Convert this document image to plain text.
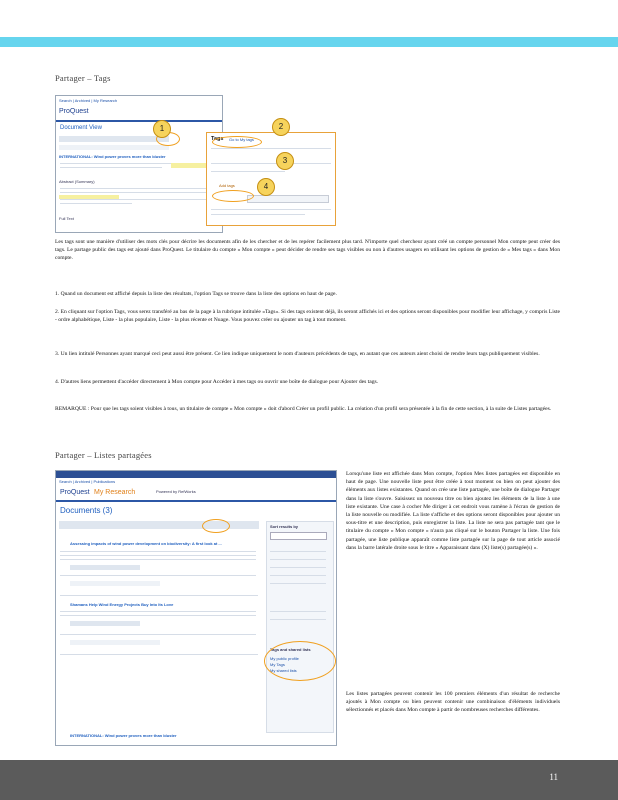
Partager – Tags
Search | Archived | My Research
ProQuest
Document View
INTERNATIONAL: Wind power proves more than bluster
Abstract (Summary)
Full Text
Tags Go to My tags
Add tags
1	2
3
4
Les tags sont une manière d'utiliser des mots clés pour décrire les documents afin de les chercher et de les repérer facilement plus tard. N'importe quel chercheur ayant créé un compte personnel Mon compte peut créer des tags. Le partage public des tags est ajouté dans ProQuest. Le titulaire du compte « Mon compte » peut décider de rendre ses tags visibles ou non à d'autres usagers en utilisant les options de gestion de « Mes tags » dans Mon compte.
1. Quand un document est affiché depuis la liste des résultats, l'option Tags se trouve dans la liste des options en haut de page.
2. En cliquant sur l'option Tags, vous serez transféré au bas de la page à la rubrique intitulée «Tags». Si des tags existent déjà, ils seront affichés ici et des options seront disponibles pour modifier leur affichage, y compris Liste - ordre alphabétique, Liste - la plus populaire, Liste - la plus récente et Nuage. Vous pouvez créer ou ajouter un tag à tout moment.
3. Un lien intitulé Personnes ayant marqué ceci peut aussi être présent. Ce lien indique uniquement le nom d'auteurs précédents de tags, en autant que ces auteurs aient choisi de rendre leurs tags publiquement visibles.
4. D'autres liens permettent d'accéder directement à Mon compte pour Accéder à mes tags ou ouvrir une boîte de dialogue pour Ajouter des tags.
REMARQUE : Pour que les tags soient visibles à tous, un titulaire de compte « Mon compte » doit d'abord Créer un profil public. La création d'un profil sera présentée à la fin de cette section, à la suite de Listes partagées.
Partager – Listes partagées
Search | Archived | Publications
ProQuest My Research	Powered by RefWorks
Documents (3)
Assessing impacts of wind power development on biodiversity: A first look at ...
Shamans Help Wind Energy Projects Buy Into Its Love
INTERNATIONAL: Wind power proves more than bluster
Sort results by
Tags and shared lists
My public profile
My Tags
My shared lists
Lorsqu'une liste est affichée dans Mon compte, l'option Mes listes partagées est disponible en haut de page. Une nouvelle liste peut être créée à tout moment ou bien on peut ajouter des éléments aux listes existantes. Quand on crée une liste partagée, une boîte de dialogue Partager dans la liste s'ouvre. Saisissez un nouveau titre ou bien ajoutez les éléments de la liste à une liste existante. Une case à cocher Me diriger à cet endroit vous ramène à l'écran de gestion de la liste nouvelle ou modifiée. La liste s'affiche et des options seront disponibles pour ajouter un sous-titre et une description, puis enregistrer la liste. La liste ne sera pas partagée tant que le titulaire du compte « Mon compte » n'aura pas cliqué sur le bouton Partager la liste. Une fois partagée, une liste publique apparaît comme liste partagée sur la page de tout article associé dans la barre latérale droite sous le titre « Apparaissant dans (X) liste(s) partagée(s) ».
Les listes partagées peuvent contenir les 100 premiers éléments d'un résultat de recherche ajoutés à Mon compte ou bien peuvent contenir une combinaison d'éléments individuels sélectionnés et placés dans Mon compte à partir de nombreuses recherches différentes.
11
